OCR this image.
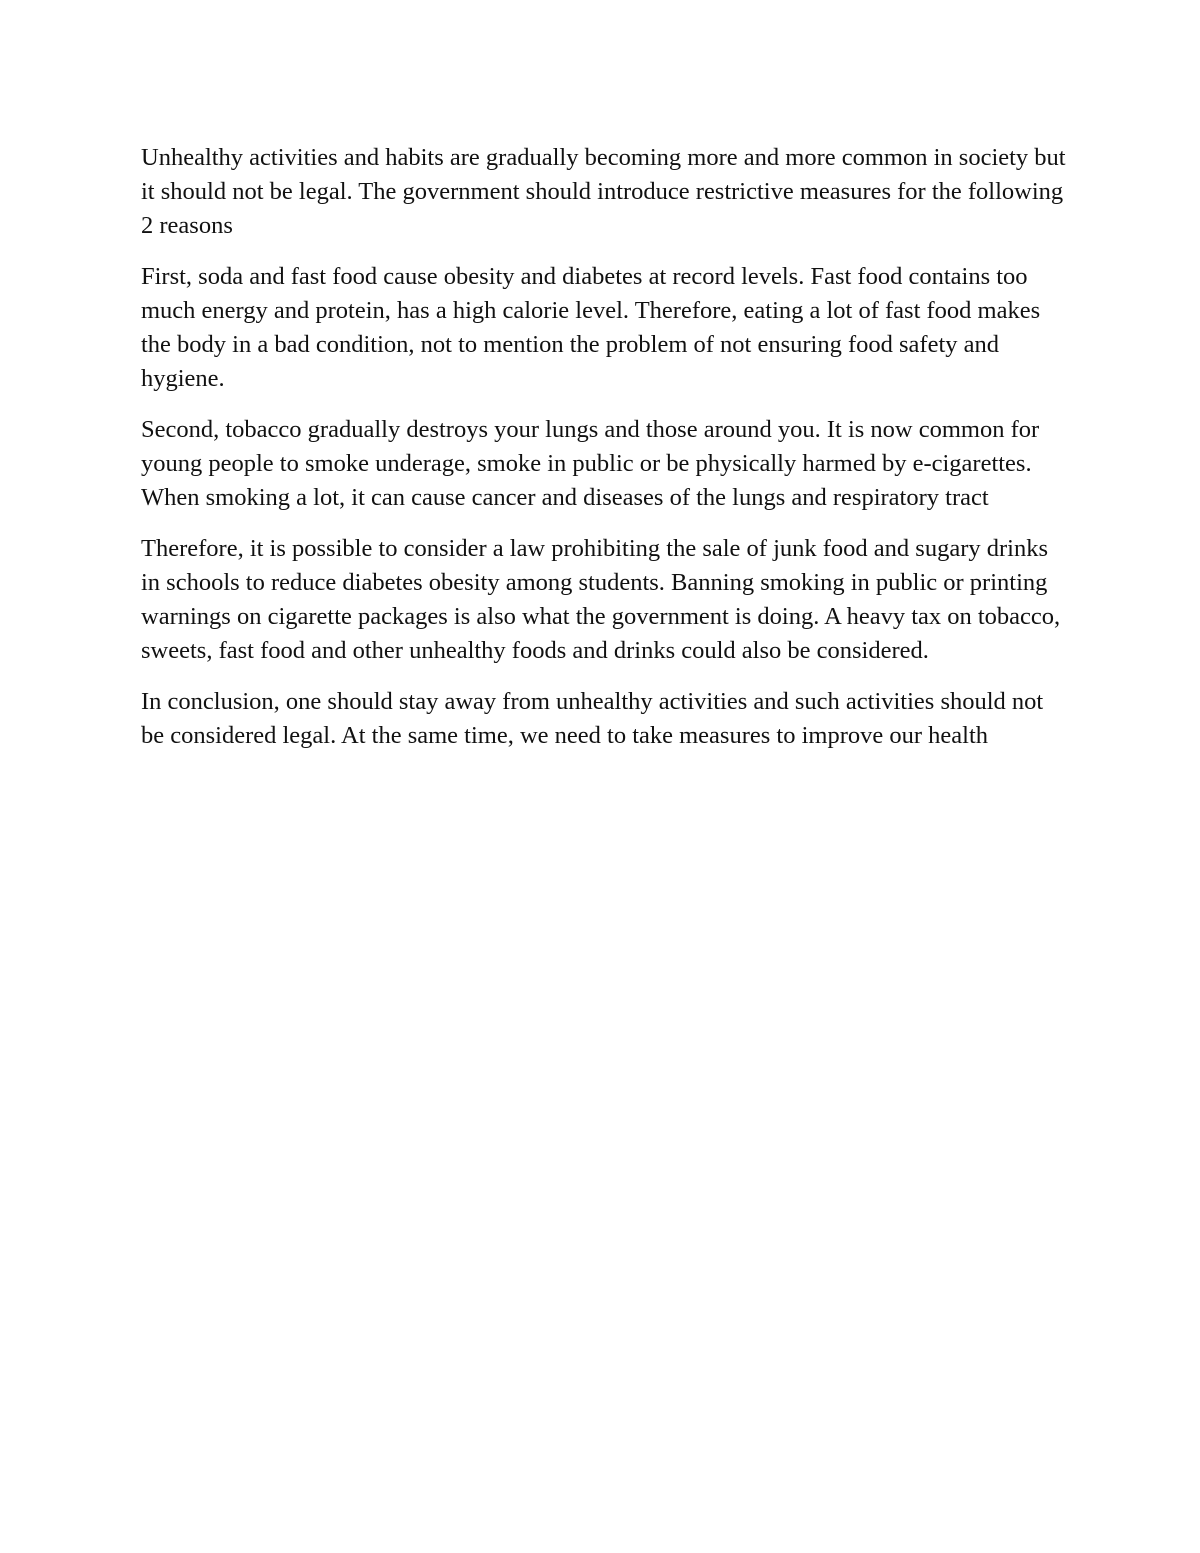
Unhealthy activities and habits are gradually becoming more and more common in society but it should not be legal. The government should introduce restrictive measures for the following 2 reasons

First, soda and fast food cause obesity and diabetes at record levels. Fast food contains too much energy and protein, has a high calorie level. Therefore, eating a lot of fast food makes the body in a bad condition, not to mention the problem of not ensuring food safety and hygiene.

Second, tobacco gradually destroys your lungs and those around you. It is now common for young people to smoke underage, smoke in public or be physically harmed by e-cigarettes. When smoking a lot, it can cause cancer and diseases of the lungs and respiratory tract

Therefore, it is possible to consider a law prohibiting the sale of junk food and sugary drinks in schools to reduce diabetes obesity among students. Banning smoking in public or printing warnings on cigarette packages is also what the government is doing. A heavy tax on tobacco, sweets, fast food and other unhealthy foods and drinks could also be considered.

In conclusion, one should stay away from unhealthy activities and such activities should not be considered legal. At the same time, we need to take measures to improve our health
